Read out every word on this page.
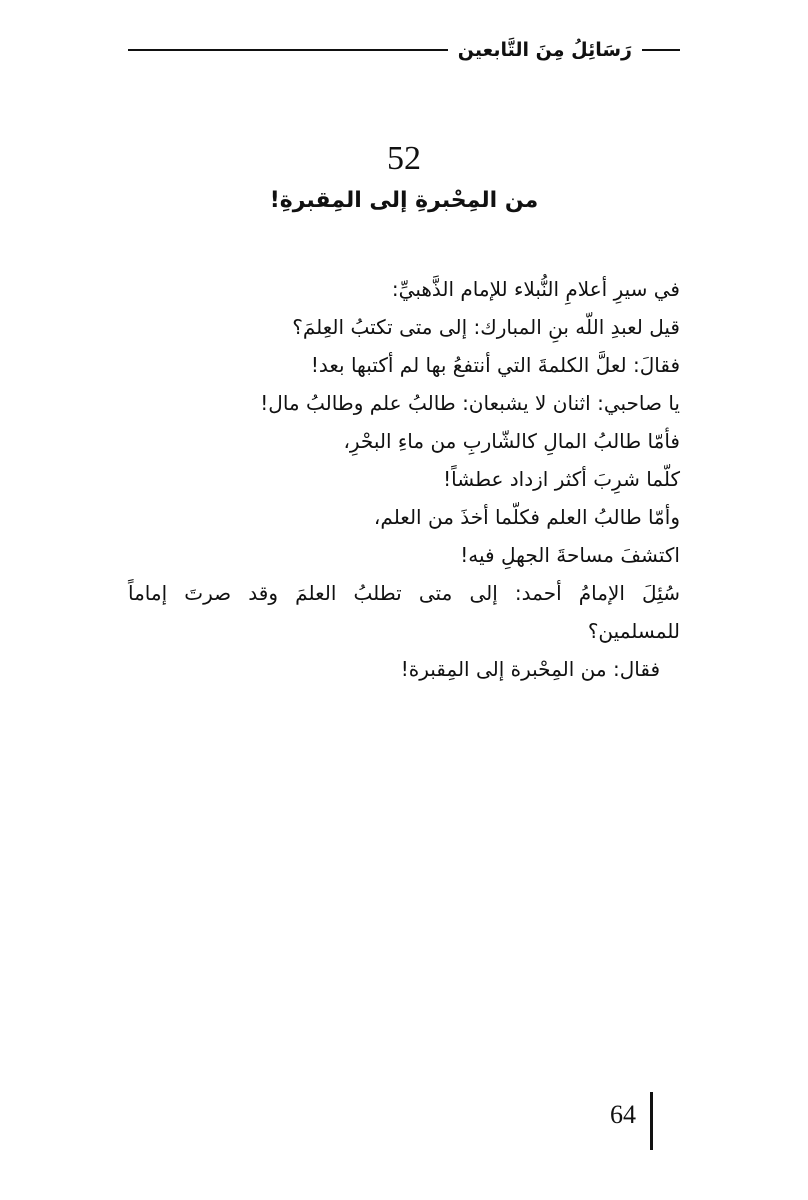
رَسَائِلُ مِنَ التَّابعين
52
من المِحْبرةِ إلى المِقبرةِ!
في سيرِ أعلامِ النُّبلاء للإمام الذَّهبيِّ:
قيل لعبدِ اللّه بنِ المبارك: إلى متى تكتبُ العِلمَ؟
فقالَ: لعلَّ الكلمةَ التي أنتفعُ بها لم أكتبها بعد!
يا صاحبي: اثنان لا يشبعان: طالبُ علم وطالبُ مال!
فأمّا طالبُ المالِ كالشّاربِ من ماءِ البحْرِ،
كلّما شرِبَ أكثر ازداد عطشاً!
وأمّا طالبُ العلم فكلّما أخذَ من العلم،
اكتشفَ مساحةَ الجهلِ فيه!
سُئِلَ الإمامُ أحمد: إلى متى تطلبُ العلمَ وقد صرتَ إماماً للمسلمين؟
فقال: من المِحْبرة إلى المِقبرة!
64
